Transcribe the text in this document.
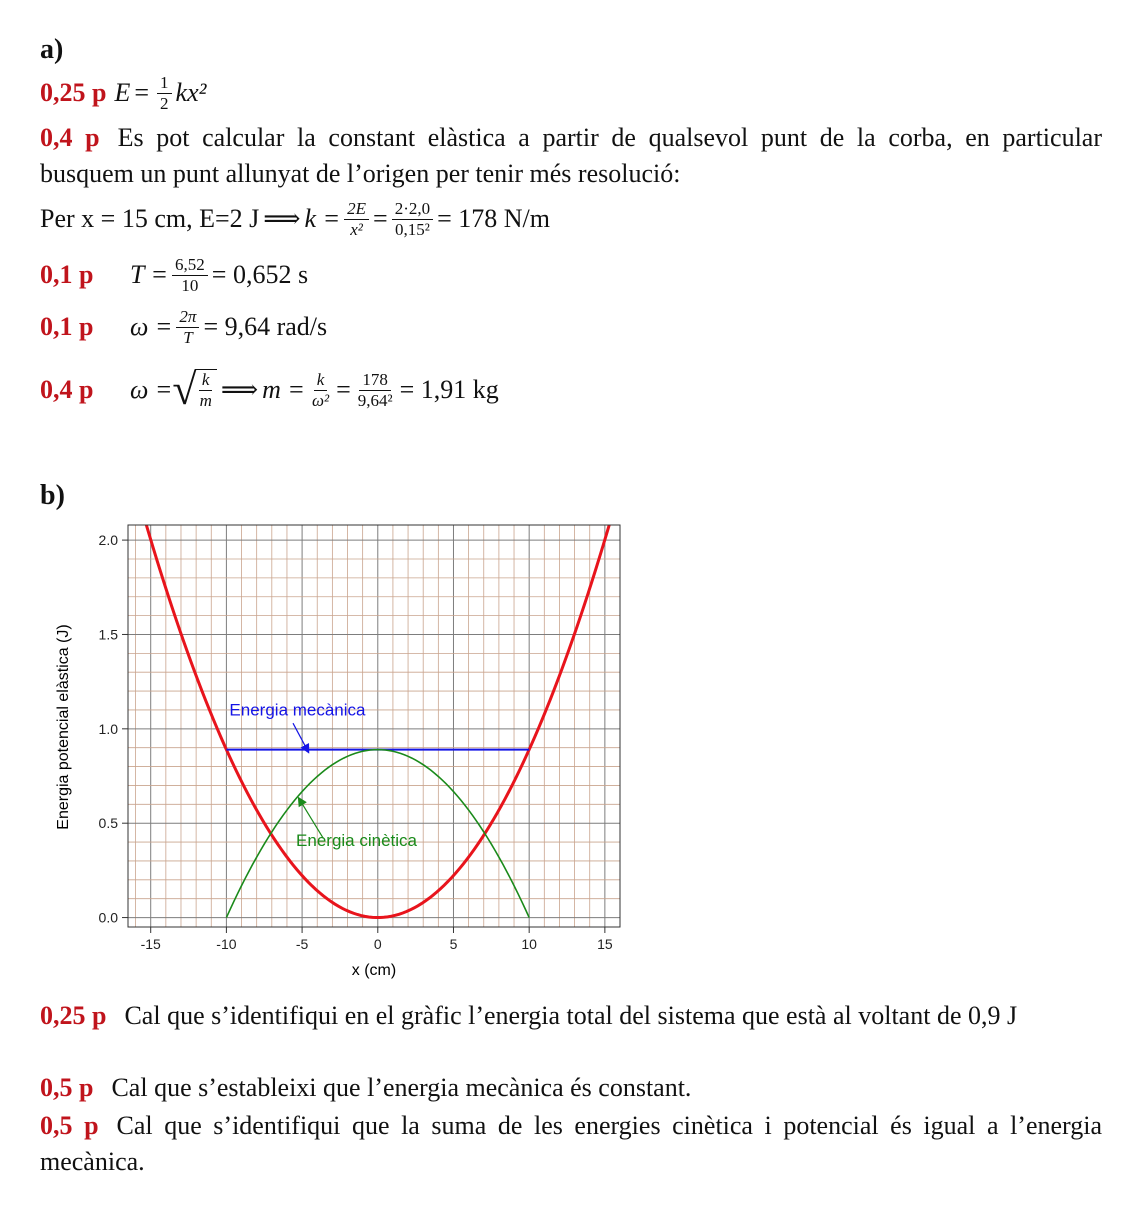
a)
0,25 p $E = \frac{1}{2} kx^2$
0,4 p Es pot calcular la constant elàstica a partir de qualsevol punt de la corba, en particular busquem un punt allunyat de l’origen per tenir més resolució:
Per x = 15 cm, E=2 J ⟹ $k = \frac{2E}{\text{x²}} = \frac{2\cdot 2,0}{\text{0,15²}} = 178$ N/m
0,1 p	$T = \frac{6,52}{10} = 0,652$ s
0,1 p	$\omega = \frac{2\pi}{T} = 9,64$ rad/s
0,4 p	ω = √ $\frac{k}{m}$ ⟹ $m = \frac{k}{\text{ω²}} = \frac{178}{\text{9,64²}} = 1,91$ kg
b)
-15	-10	-5	0	5	10	15
0.0
0.5
1.0
1.5
2.0
Energia mecànica
Energia cinètica
x (cm)
Energia potencial elàstica (J)
0,25 p Cal que s’identifiqui en el gràfic l’energia total del sistema que està al voltant de 0,9 J
0,5 p Cal que s’estableixi que l’energia mecànica és constant.
0,5 p Cal que s’identifiqui que la suma de les energies cinètica i potencial és igual a l’energia mecànica.
